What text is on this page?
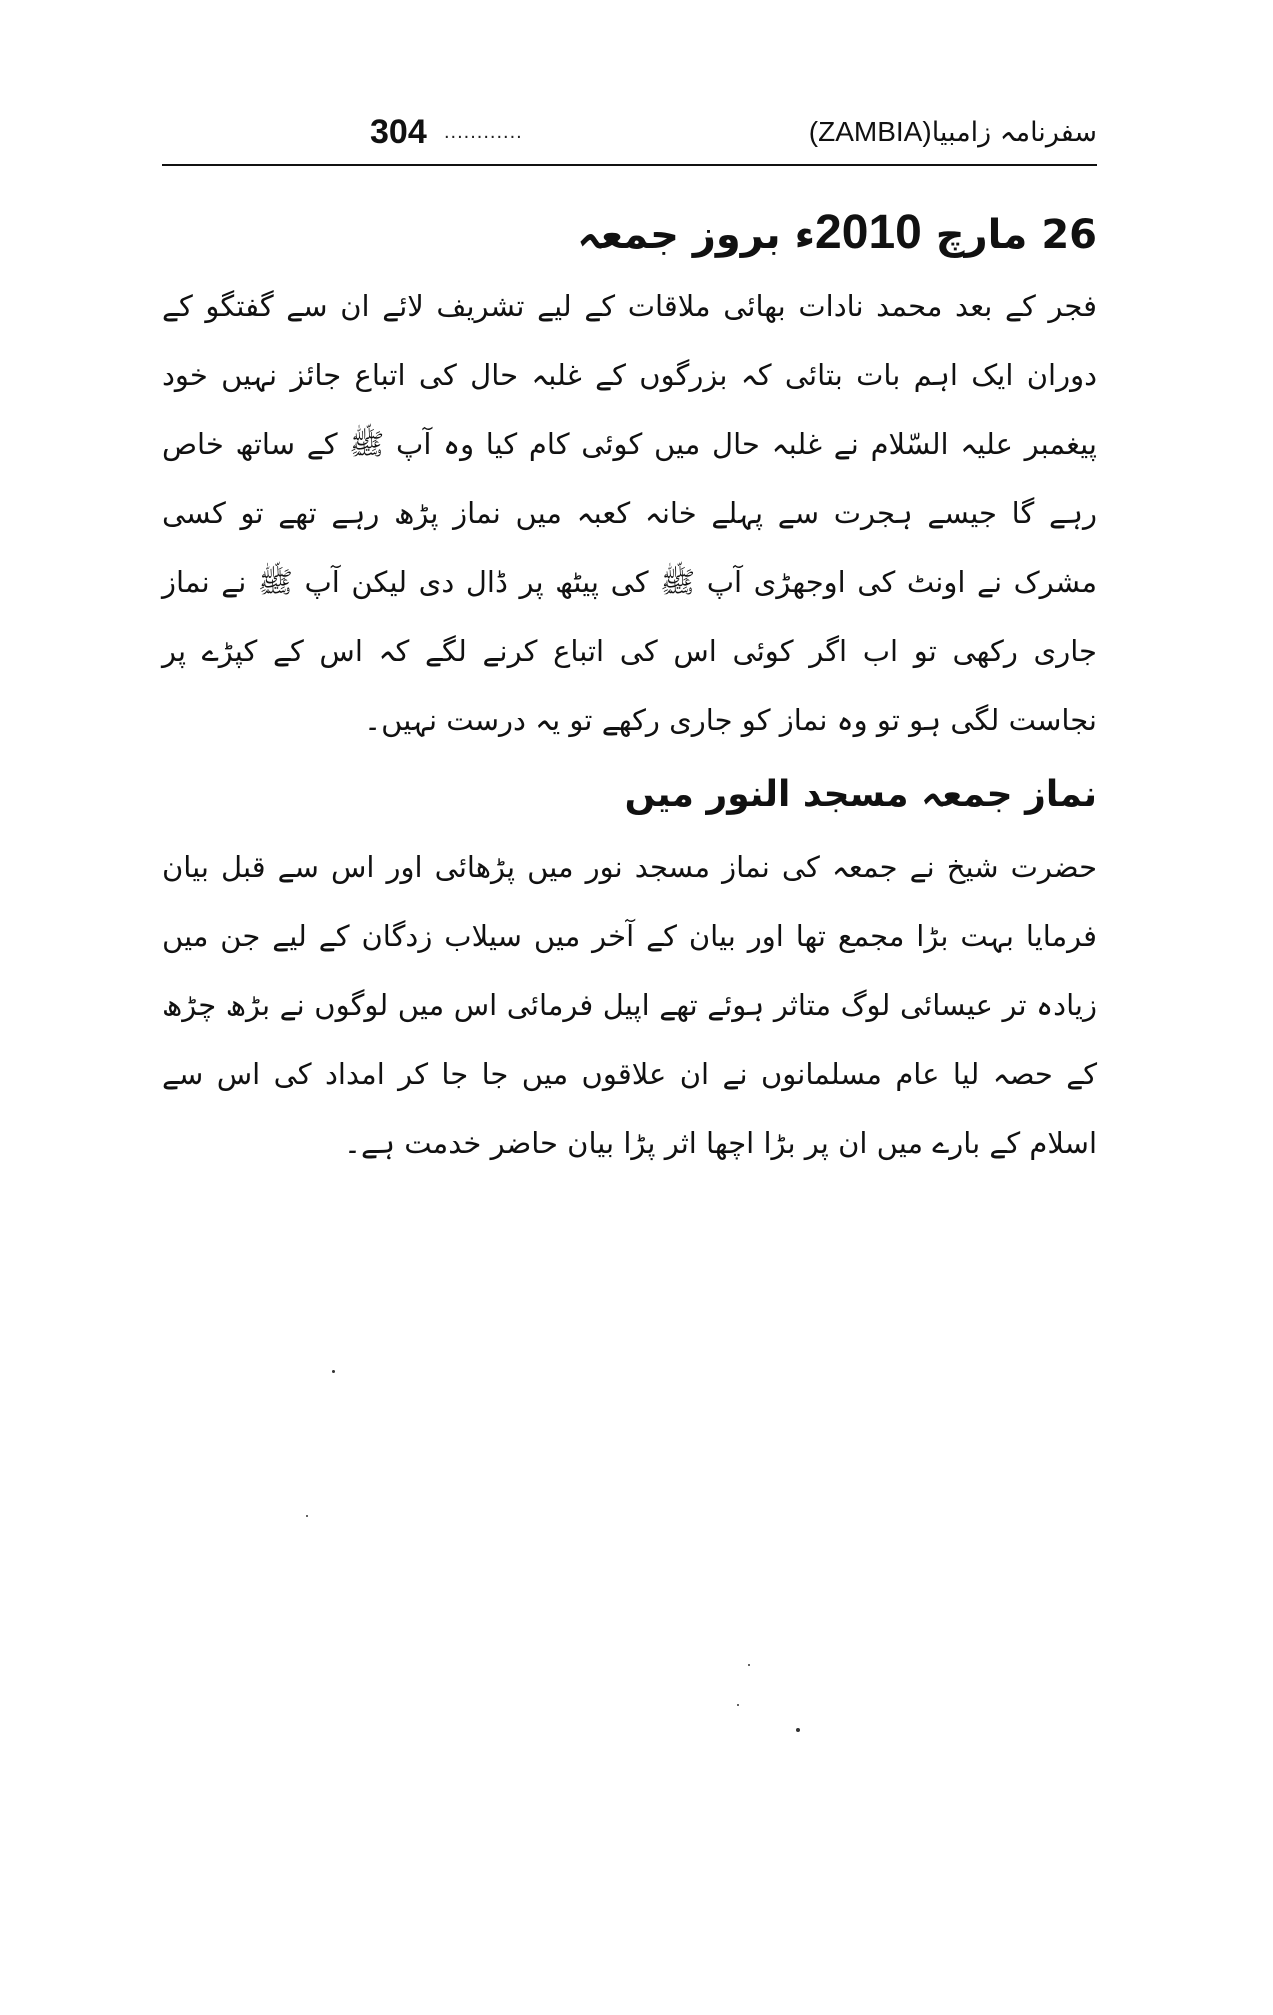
304 ............	سفرنامہ زامبیا(ZAMBIA)
26 مارچ 2010ء بروز جمعہ

فجر کے بعد محمد نادات بھائی ملاقات کے لیے تشریف لائے ان سے گفتگو کے دوران ایک اہم بات بتائی کہ بزرگوں کے غلبہ حال کی اتباع جائز نہیں خود پیغمبر علیہ السّلام نے غلبہ حال میں کوئی کام کیا وہ آپ ﷺ کے ساتھ خاص رہے گا جیسے ہجرت سے پہلے خانہ کعبہ میں نماز پڑھ رہے تھے تو کسی مشرک نے اونٹ کی اوجھڑی آپ ﷺ کی پیٹھ پر ڈال دی لیکن آپ ﷺ نے نماز جاری رکھی تو اب اگر کوئی اس کی اتباع کرنے لگے کہ اس کے کپڑے پر نجاست لگی ہو تو وہ نماز کو جاری رکھے تو یہ درست نہیں۔

نماز جمعہ مسجد النور میں

حضرت شیخ نے جمعہ کی نماز مسجد نور میں پڑھائی اور اس سے قبل بیان فرمایا بہت بڑا مجمع تھا اور بیان کے آخر میں سیلاب زدگان کے لیے جن میں زیادہ تر عیسائی لوگ متاثر ہوئے تھے اپیل فرمائی اس میں لوگوں نے بڑھ چڑھ کے حصہ لیا عام مسلمانوں نے ان علاقوں میں جا جا کر امداد کی اس سے اسلام کے بارے میں ان پر بڑا اچھا اثر پڑا بیان حاضر خدمت ہے۔
